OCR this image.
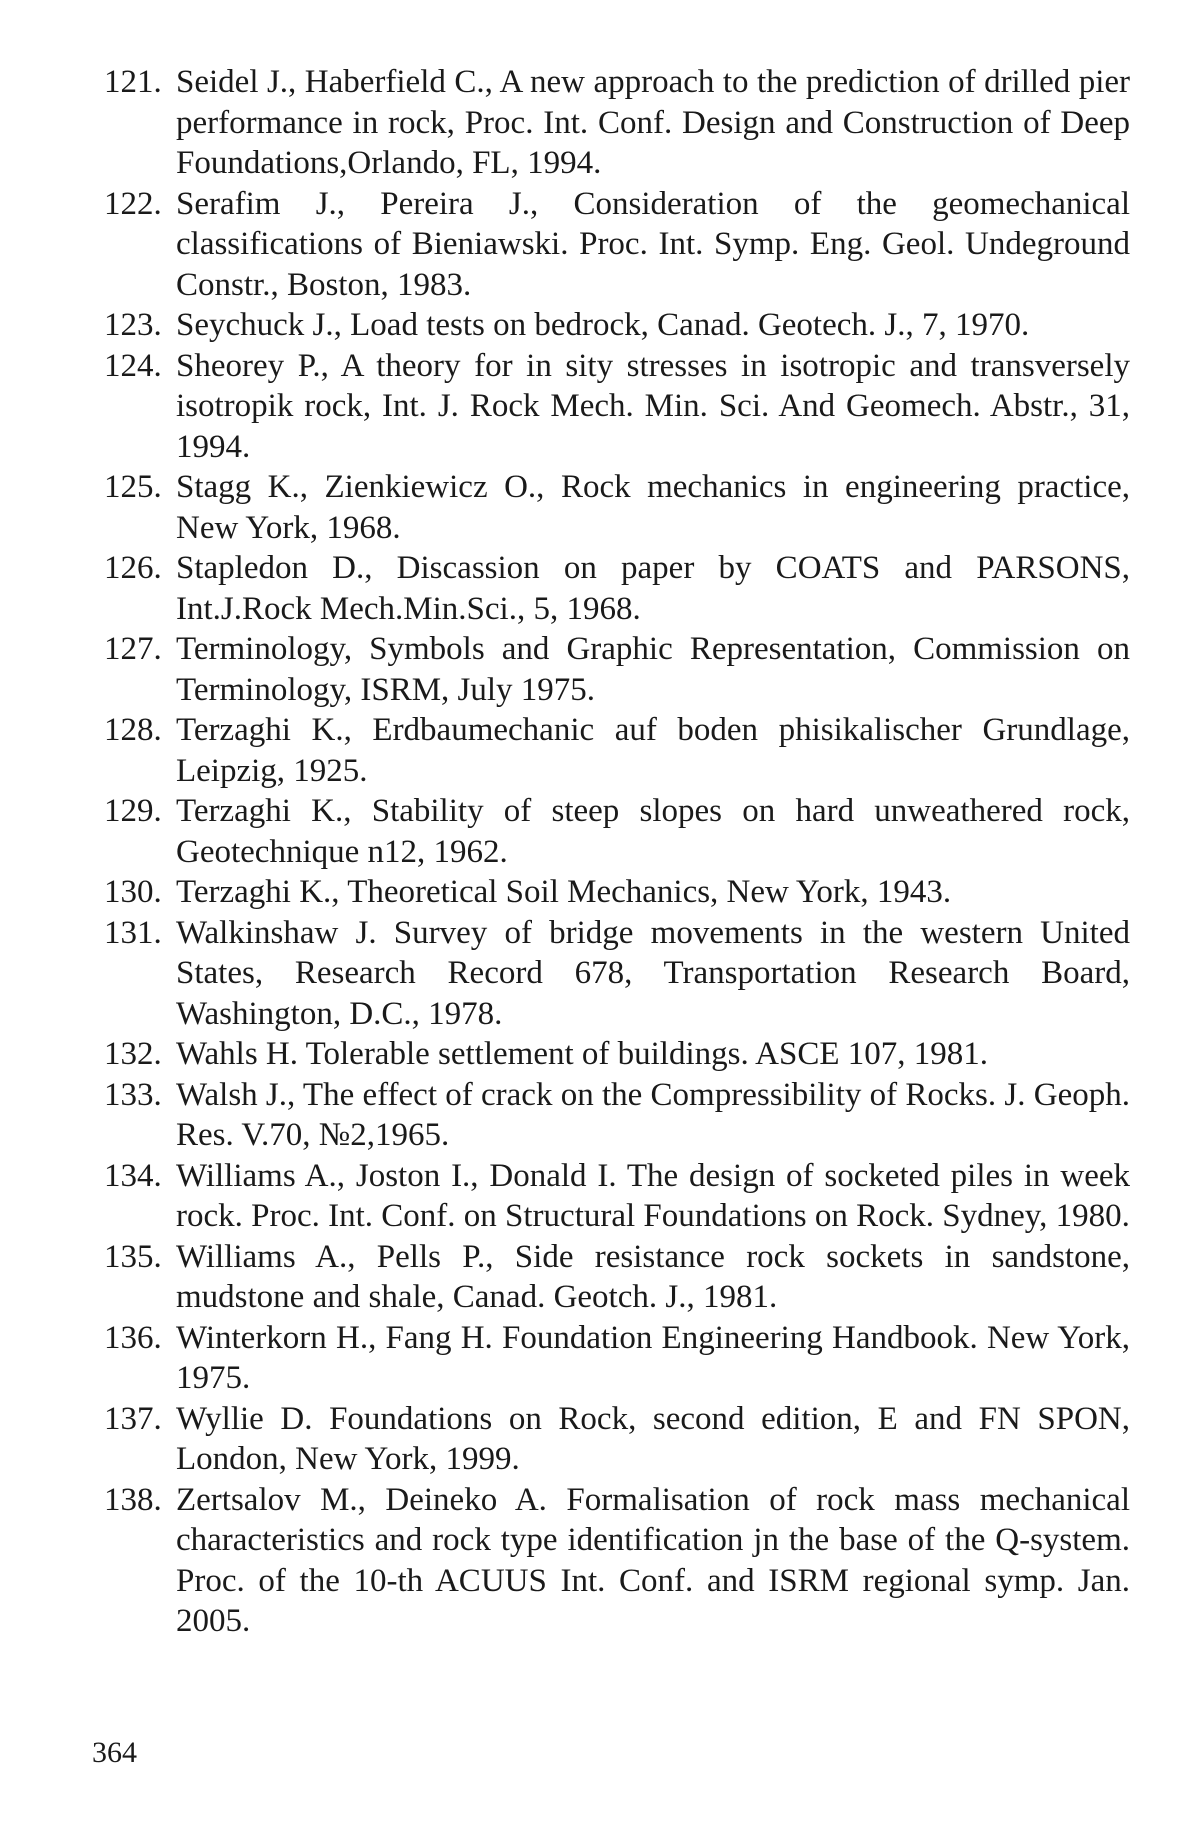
121. Seidel J., Haberfield C., A new approach to the prediction of drilled pier performance in rock, Proc. Int. Conf. Design and Construction of Deep Foundations,Orlando, FL, 1994.
122. Serafim J., Pereira J., Consideration of the geomechanical classifications of Bieniawski. Proc. Int. Symp. Eng. Geol. Undeground Constr., Boston, 1983.
123. Seychuck J., Load tests on bedrock, Canad. Geotech. J., 7, 1970.
124. Sheorey P., A theory for in sity stresses in isotropic and transversely isotropik rock, Int. J. Rock Mech. Min. Sci. And Geomech. Abstr., 31, 1994.
125. Stagg K., Zienkiewicz O., Rock mechanics in engineering practice, New York, 1968.
126. Stapledon D., Discassion on paper by COATS and PARSONS, Int.J.Rock Mech.Min.Sci., 5, 1968.
127. Terminology, Symbols and Graphic Representation, Commission on Terminology, ISRM, July 1975.
128. Terzaghi K., Erdbaumechanic auf boden phisikalischer Grundlage, Leipzig, 1925.
129. Terzaghi K., Stability of steep slopes on hard unweathered rock, Geotechnique n12, 1962.
130. Terzaghi K., Theoretical Soil Mechanics, New York, 1943.
131. Walkinshaw J. Survey of bridge movements in the western United States, Research Record 678, Transportation Research Board, Washington, D.C., 1978.
132. Wahls H. Tolerable settlement of buildings. ASCE 107, 1981.
133. Walsh J., The effect of crack on the Compressibility of Rocks. J. Geoph. Res. V.70, №2,1965.
134. Williams A., Joston I., Donald I. The design of socketed piles in week rock. Proc. Int. Conf. on Structural Foundations on Rock. Sydney, 1980.
135. Williams A., Pells P., Side resistance rock sockets in sandstone, mudstone and shale, Canad. Geotch. J., 1981.
136. Winterkorn H., Fang H. Foundation Engineering Handbook. New York, 1975.
137. Wyllie D. Foundations on Rock, second edition, E and FN SPON, London, New York, 1999.
138. Zertsalov M., Deineko A. Formalisation of rock mass mechanical characteristics and rock type identification jn the base of the Q-system. Proc. of the 10-th ACUUS Int. Conf. and ISRM regional symp. Jan. 2005.
364
